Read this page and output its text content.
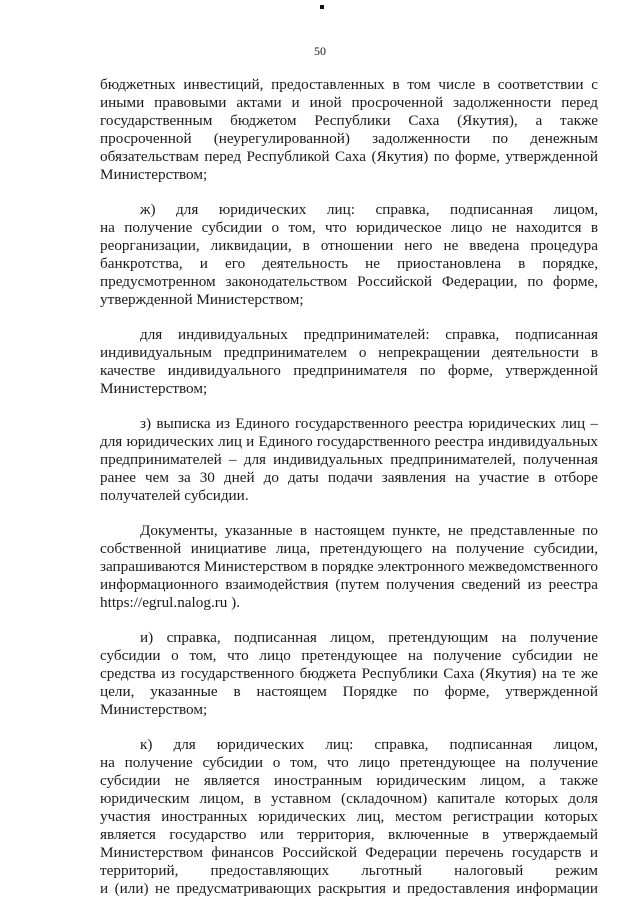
50
бюджетных инвестиций, предоставленных в том числе в соответствии с
иными правовыми актами и иной просроченной задолженности перед
государственным бюджетом Республики Саха (Якутия), а также
просроченной (неурегулированной) задолженности по денежным
обязательствам перед Республикой Саха (Якутия) по форме, утвержденной
Министерством;
ж) для юридических лиц: справка, подписанная лицом,
на получение субсидии о том, что юридическое лицо не находится в
реорганизации, ликвидации, в отношении него не введена процедура
банкротства, и его деятельность не приостановлена в порядке,
предусмотренном законодательством Российской Федерации, по форме,
утвержденной Министерством;
для индивидуальных предпринимателей: справка, подписанная
индивидуальным предпринимателем о непрекращении деятельности в
качестве индивидуального предпринимателя по форме, утвержденной
Министерством;
з) выписка из Единого государственного реестра юридических лиц –
для юридических лиц и Единого государственного реестра индивидуальных
предпринимателей – для индивидуальных предпринимателей, полученная
ранее чем за 30 дней до даты подачи заявления на участие в отборе
получателей субсидии.
Документы, указанные в настоящем пункте, не представленные по
собственной инициативе лица, претендующего на получение субсидии,
запрашиваются Министерством в порядке электронного межведомственного
информационного взаимодействия (путем получения сведений из реестра
https://egrul.nalog.ru ).
и) справка, подписанная лицом, претендующим на получение
субсидии о том, что лицо претендующее на получение субсидии не
средства из государственного бюджета Республики Саха (Якутия) на те же
цели, указанные в настоящем Порядке по форме, утвержденной
Министерством;
к) для юридических лиц: справка, подписанная лицом,
на получение субсидии о том, что лицо претендующее на получение
субсидии не является иностранным юридическим лицом, а также
юридическим лицом, в уставном (складочном) капитале которых доля
участия иностранных юридических лиц, местом регистрации которых
является государство или территория, включенные в утверждаемый
Министерством финансов Российской Федерации перечень государств и
территорий, предоставляющих льготный налоговый режим
и (или) не предусматривающих раскрытия и предоставления информации
